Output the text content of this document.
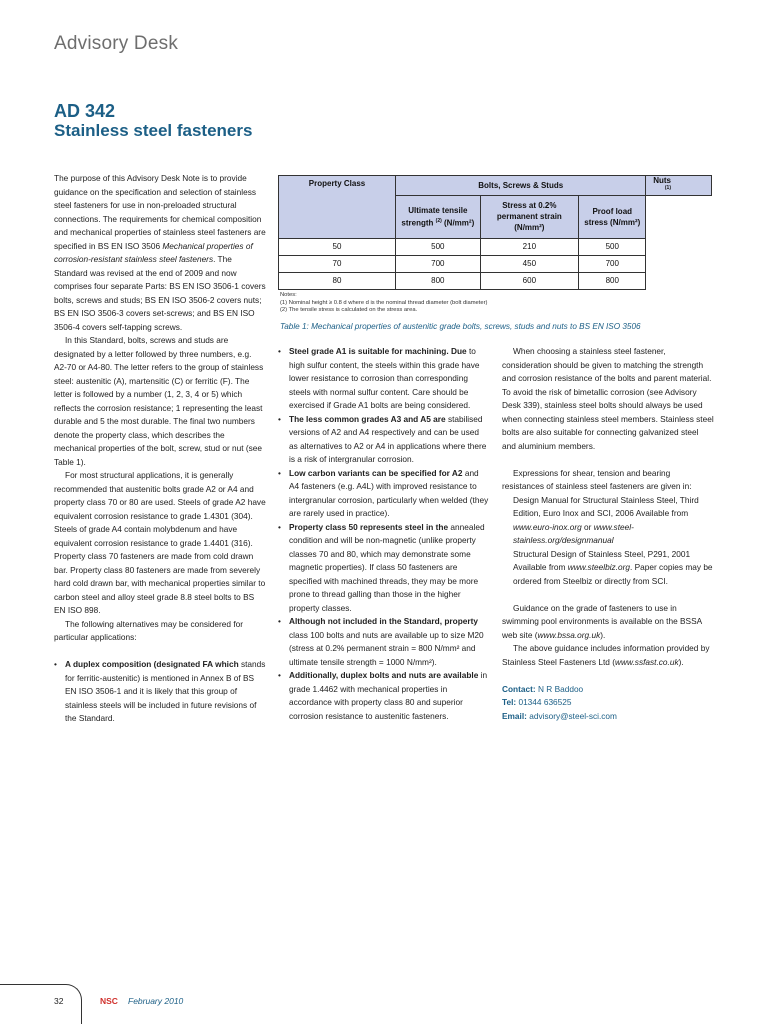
Advisory Desk
AD 342
Stainless steel fasteners

The purpose of this Advisory Desk Note is to provide guidance on the specification and selection of stainless steel fasteners for use in non-preloaded structural connections. The requirements for chemical composition and mechanical properties of stainless steel fasteners are specified in BS EN ISO 3506 Mechanical properties of corrosion-resistant stainless steel fasteners. The Standard was revised at the end of 2009 and now comprises four separate Parts: BS EN ISO 3506-1 covers bolts, screws and studs; BS EN ISO 3506-2 covers nuts; BS EN ISO 3506-3 covers set-screws; and BS EN ISO 3506-4 covers self-tapping screws.

In this Standard, bolts, screws and studs are designated by a letter followed by three numbers, e.g. A2-70 or A4-80. The letter refers to the group of stainless steel: austenitic (A), martensitic (C) or ferritic (F). The letter is followed by a number (1, 2, 3, 4 or 5) which reflects the corrosion resistance; 1 representing the least durable and 5 the most durable. The final two numbers denote the property class, which describes the mechanical properties of the bolt, screw, stud or nut (see Table 1).

For most structural applications, it is generally recommended that austenitic bolts grade A2 or A4 and property class 70 or 80 are used. Steels of grade A2 have equivalent corrosion resistance to grade 1.4301 (304). Steels of grade A4 contain molybdenum and have equivalent corrosion resistance to grade 1.4401 (316). Property class 70 fasteners are made from cold drawn bar. Property class 80 fasteners are made from severely hard cold drawn bar, with mechanical properties similar to carbon steel and alloy steel grade 8.8 steel bolts to BS EN ISO 898.

The following alternatives may be considered for particular applications:

• A duplex composition (designated FA which stands for ferritic-austenitic) is mentioned in Annex B of BS EN ISO 3506-1 and it is likely that this group of stainless steels will be included in future revisions of the Standard.
Property Class	Bolts, Screws & Studs			Nuts $^{(1)}$
	Ultimate tensile strength $^{(2)}$ (N/mm²)	Stress at 0.2% permanent strain (N/mm²)	Proof load stress (N/mm²)	
50	500	210	500	
70	700	450	700	
80	800	600	800	
Notes:
(1) Nominal height ≥ 0.8 d where d is the nominal thread diameter (bolt diameter)
(2) The tensile stress is calculated on the stress area.
Table 1: Mechanical properties of austenitic grade bolts, screws, studs and nuts to BS EN ISO 3506
• Steel grade A1 is suitable for machining. Due to high sulfur content, the steels within this grade have lower resistance to corrosion than corresponding steels with normal sulfur content. Care should be exercised if Grade A1 bolts are being considered.
• The less common grades A3 and A5 are stabilised versions of A2 and A4 respectively and can be used as alternatives to A2 or A4 in applications where there is a risk of intergranular corrosion.
• Low carbon variants can be specified for A2 and A4 fasteners (e.g. A4L) with improved resistance to intergranular corrosion, particularly when welded (they are rarely used in practice).
• Property class 50 represents steel in the annealed condition and will be non-magnetic (unlike property classes 70 and 80, which may demonstrate some magnetic properties). If class 50 fasteners are specified with machined threads, they may be more prone to thread galling than those in the higher property classes.
• Although not included in the Standard, property class 100 bolts and nuts are available up to size M20 (stress at 0.2% permanent strain = 800 N/mm² and ultimate tensile strength = 1000 N/mm²).
• Additionally, duplex bolts and nuts are available in grade 1.4462 with mechanical properties in accordance with property class 80 and superior corrosion resistance to austenitic fasteners.

When choosing a stainless steel fastener, consideration should be given to matching the strength and corrosion resistance of the bolts and parent material. To avoid the risk of bimetallic corrosion (see Advisory Desk 339), stainless steel bolts should always be used when connecting stainless steel members. Stainless steel bolts are also suitable for connecting galvanized steel and aluminium members.

Expressions for shear, tension and bearing resistances of stainless steel fasteners are given in:

Design Manual for Structural Stainless Steel, Third Edition, Euro Inox and SCI, 2006 Available from www.euro-inox.org or www.steel-stainless.org/designmanual

Structural Design of Stainless Steel, P291, 2001 Available from www.steelbiz.org. Paper copies may be ordered from Steelbiz or directly from SCI.

Guidance on the grade of fasteners to use in swimming pool environments is available on the BSSA web site (www.bssa.org.uk).

The above guidance includes information provided by Stainless Steel Fasteners Ltd (www.ssfast.co.uk).

Contact: N R Baddoo

Tel: 01344 636525

Email: advisory@steel-sci.com

32	NSC February 2010
